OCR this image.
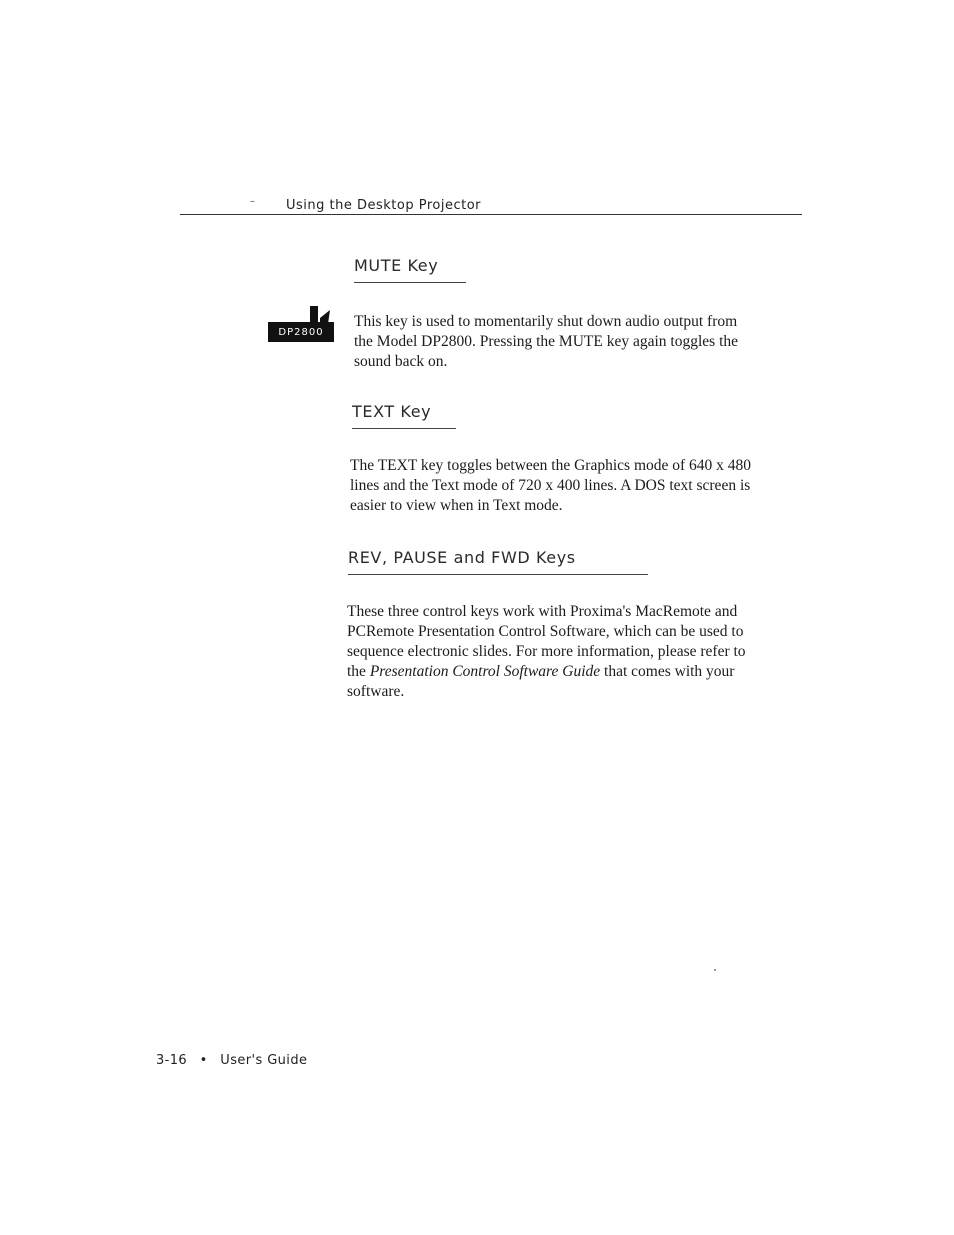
– Using the Desktop Projector
MUTE Key
DP2800
This key is used to momentarily shut down audio output from
the Model DP2800. Pressing the MUTE key again toggles the
sound back on.
TEXT Key
The TEXT key toggles between the Graphics mode of 640 x 480
lines and the Text mode of 720 x 400 lines. A DOS text screen is
easier to view when in Text mode.
REV, PAUSE and FWD Keys
These three control keys work with Proxima's MacRemote and
PCRemote Presentation Control Software, which can be used to
sequence electronic slides. For more information, please refer to
the Presentation Control Software Guide that comes with your
software.
3-16 • User's Guide
